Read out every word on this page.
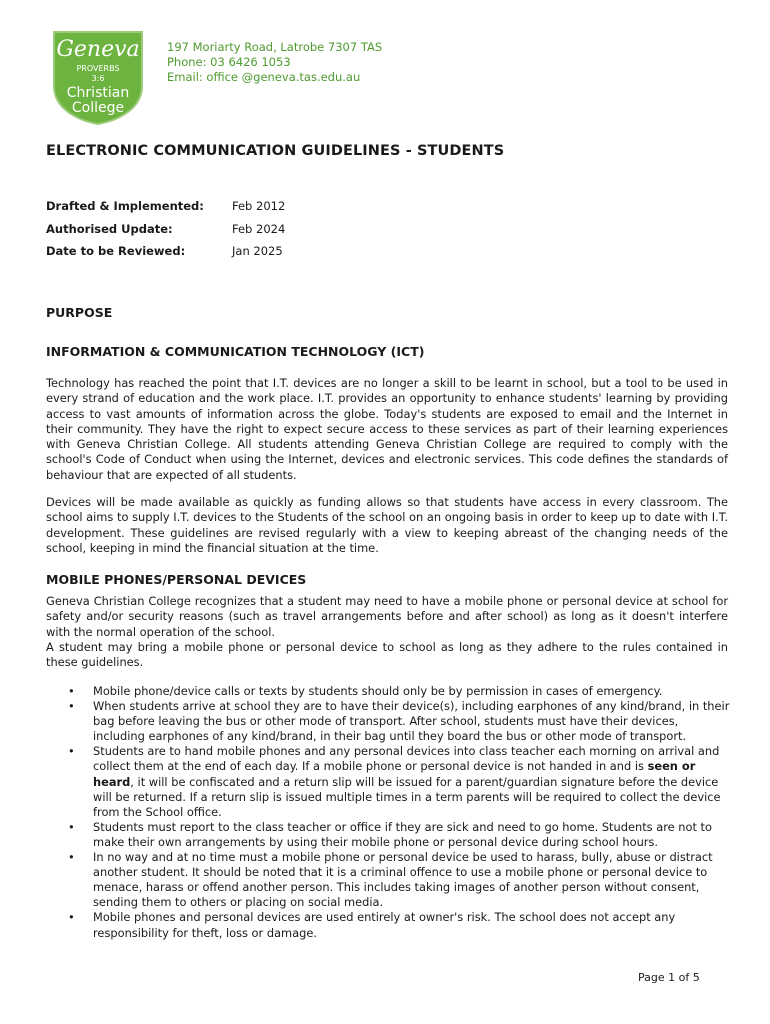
Geneva
PROVERBS
3:6
Christian
College
197 Moriarty Road, Latrobe 7307 TAS
Phone: 03 6426 1053
Email: office @geneva.tas.edu.au
ELECTRONIC COMMUNICATION GUIDELINES - STUDENTS
Drafted & Implemented: Feb 2012
Authorised Update:	Feb 2024
Date to be Reviewed:	Jan 2025
PURPOSE
INFORMATION & COMMUNICATION TECHNOLOGY (ICT)
Technology has reached the point that I.T. devices are no longer a skill to be learnt in school, but a tool to be used in every strand of education and the work place. I.T. provides an opportunity to enhance students' learning by providing access to vast amounts of information across the globe. Today's students are exposed to email and the Internet in their community. They have the right to expect secure access to these services as part of their learning experiences with Geneva Christian College. All students attending Geneva Christian College are required to comply with the school's Code of Conduct when using the Internet, devices and electronic services. This code defines the standards of behaviour that are expected of all students.
Devices will be made available as quickly as funding allows so that students have access in every classroom. The school aims to supply I.T. devices to the Students of the school on an ongoing basis in order to keep up to date with I.T. development. These guidelines are revised regularly with a view to keeping abreast of the changing needs of the school, keeping in mind the financial situation at the time.
MOBILE PHONES/PERSONAL DEVICES
Geneva Christian College recognizes that a student may need to have a mobile phone or personal device at school for safety and/or security reasons (such as travel arrangements before and after school) as long as it doesn't interfere with the normal operation of the school.
A student may bring a mobile phone or personal device to school as long as they adhere to the rules contained in these guidelines.
• Mobile phone/device calls or texts by students should only be by permission in cases of emergency.
• When students arrive at school they are to have their device(s), including earphones of any kind/brand, in their bag before leaving the bus or other mode of transport. After school, students must have their devices, including earphones of any kind/brand, in their bag until they board the bus or other mode of transport.
• Students are to hand mobile phones and any personal devices into class teacher each morning on arrival and collect them at the end of each day. If a mobile phone or personal device is not handed in and is seen or heard, it will be confiscated and a return slip will be issued for a parent/guardian signature before the device will be returned. If a return slip is issued multiple times in a term parents will be required to collect the device from the School office.
• Students must report to the class teacher or office if they are sick and need to go home. Students are not to make their own arrangements by using their mobile phone or personal device during school hours.
• In no way and at no time must a mobile phone or personal device be used to harass, bully, abuse or distract another student. It should be noted that it is a criminal offence to use a mobile phone or personal device to menace, harass or offend another person. This includes taking images of another person without consent, sending them to others or placing on social media.
• Mobile phones and personal devices are used entirely at owner's risk. The school does not accept any responsibility for theft, loss or damage.
Page 1 of 5
